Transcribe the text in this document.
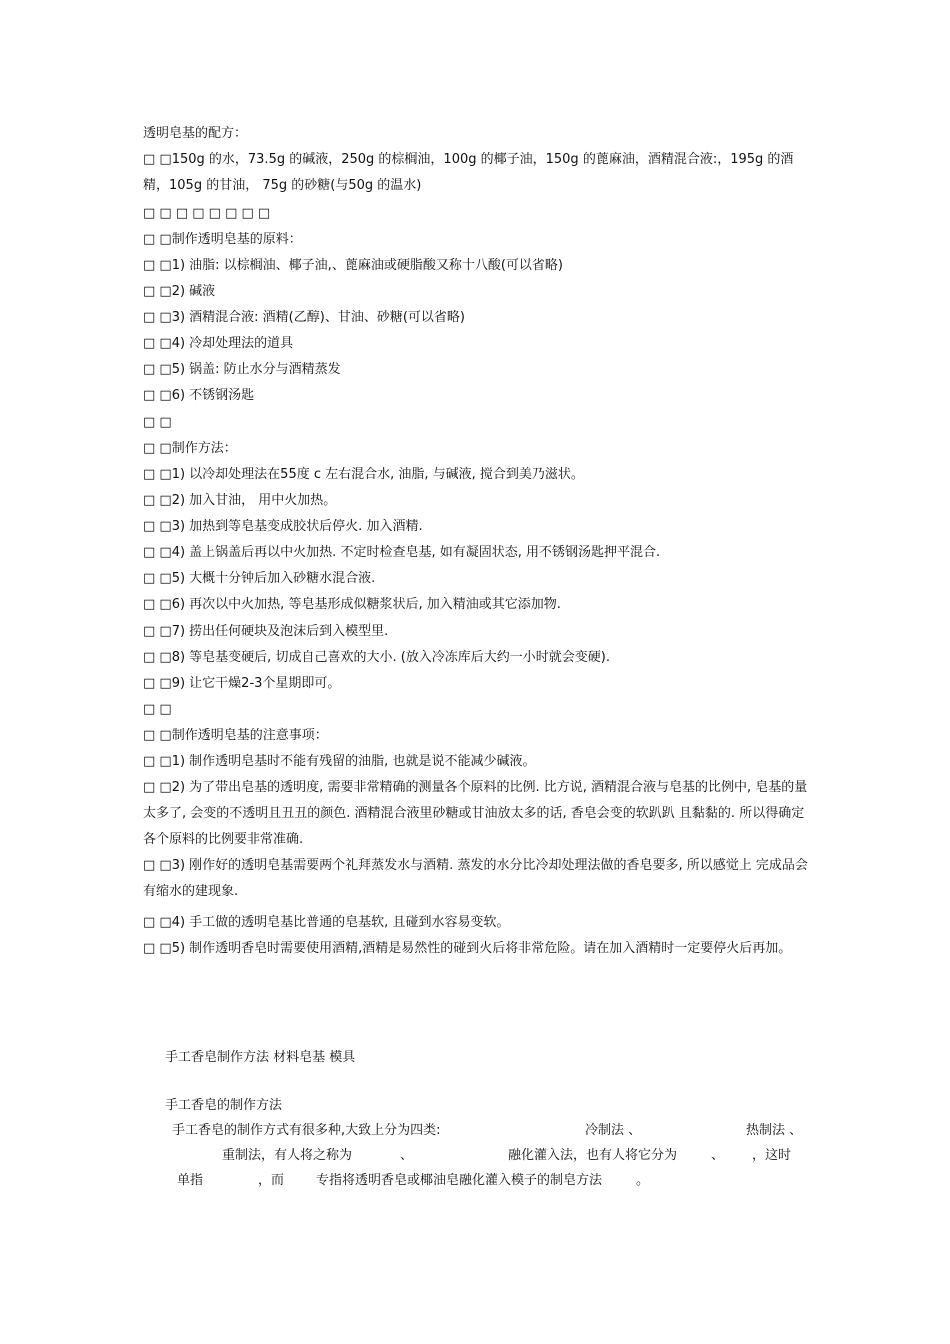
透明皂基的配方：
□ □150g 的水，73.5g 的碱液，250g 的棕榈油，100g 的椰子油，150g 的蓖麻油，酒精混合液:，195g 的酒精，105g 的甘油， 75g 的砂糖(与50g 的温水)
□ □ □ □ □ □ □ □
□ □制作透明皂基的原料：
□ □1) 油脂: 以棕榈油、椰子油,、蓖麻油或硬脂酸又称十八酸(可以省略)
□ □2) 碱液
□ □3) 酒精混合液: 酒精(乙醇)、甘油、砂糖(可以省略)
□ □4) 冷却处理法的道具
□ □5) 锅盖: 防止水分与酒精蒸发
□ □6) 不锈钢汤匙
□ □
□ □制作方法：
□ □1) 以冷却处理法在55度 c 左右混合水, 油脂, 与碱液, 搅合到美乃滋状。
□ □2) 加入甘油， 用中火加热。
□ □3) 加热到等皂基变成胶状后停火. 加入酒精.
□ □4) 盖上锅盖后再以中火加热. 不定时检查皂基, 如有凝固状态, 用不锈钢汤匙押平混合.
□ □5) 大概十分钟后加入砂糖水混合液.
□ □6) 再次以中火加热, 等皂基形成似糖浆状后, 加入精油或其它添加物.
□ □7) 捞出任何硬块及泡沫后到入模型里.
□ □8) 等皂基变硬后, 切成自己喜欢的大小. (放入冷冻库后大约一小时就会变硬).
□ □9) 让它干燥2-3个星期即可。
□ □
□ □制作透明皂基的注意事项：
□ □1) 制作透明皂基时不能有残留的油脂, 也就是说不能减少碱液。
□ □2) 为了带出皂基的透明度, 需要非常精确的测量各个原料的比例. 比方说, 酒精混合液与皂基的比例中, 皂基的量太多了, 会变的不透明且丑丑的颜色. 酒精混合液里砂糖或甘油放太多的话, 香皂会变的软趴趴 且黏黏的. 所以得确定各个原料的比例要非常准确.
□ □3) 刚作好的透明皂基需要两个礼拜蒸发水与酒精. 蒸发的水分比冷却处理法做的香皂要多, 所以感觉上 完成品会有缩水的建现象.
□ □4) 手工做的透明皂基比普通的皂基软, 且碰到水容易变软。
□ □5) 制作透明香皂时需要使用酒精,酒精是易然性的碰到火后将非常危险。请在加入酒精时一定要停火后再加。
手工香皂制作方法 材料皂基 模具
手工香皂的制作方法
手工香皂的制作方式有很多种,大致上分为四类:	冷制法 、	热制法 、
重制法，有人将之称为	、	融化灌入法，也有人将它分为	、 ，这时
单指	，而 专指将透明香皂或椰油皂融化灌入模子的制皂方法	。
